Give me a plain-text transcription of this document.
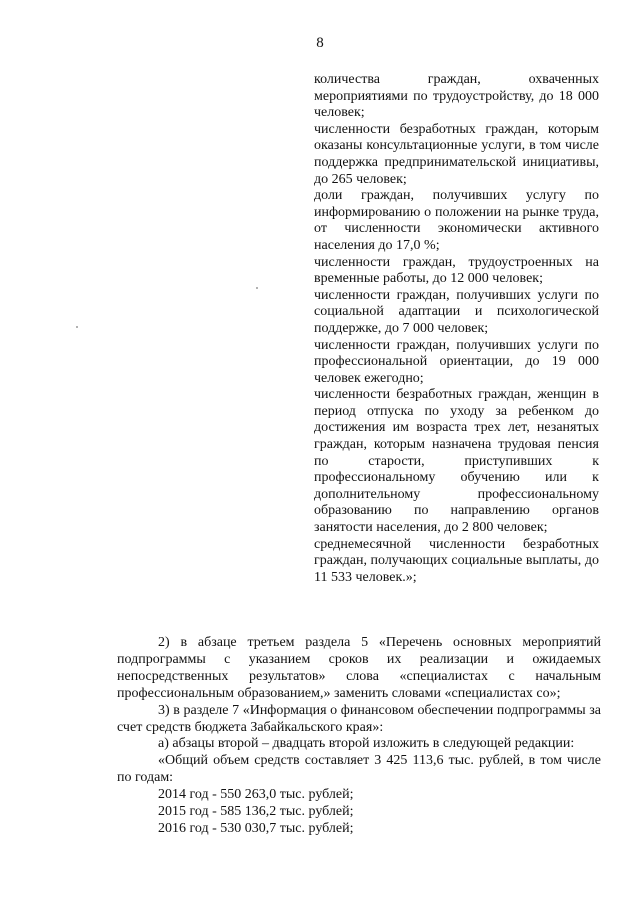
8

количества граждан, охваченных мероприятиями по трудоустройству, до 18 000 человек;

численности безработных граждан, которым оказаны консультационные услуги, в том числе поддержка предпринимательской инициативы, до 265 человек;

доли граждан, получивших услугу по информированию о положении на рынке труда, от численности экономически активного населения до 17,0 %;

численности граждан, трудоустроенных на временные работы, до 12 000 человек;

численности граждан, получивших услуги по социальной адаптации и психологической поддержке, до 7 000 человек;

численности граждан, получивших услуги по профессиональной ориентации, до 19 000 человек ежегодно;

численности безработных граждан, женщин в период отпуска по уходу за ребенком до достижения им возраста трех лет, незанятых граждан, которым назначена трудовая пенсия по старости, приступивших к профессиональному обучению или к дополнительному профессиональному образованию по направлению органов занятости населения, до 2 800 человек;

среднемесячной численности безработных граждан, получающих социальные выплаты, до 11 533 человек.»;

2) в абзаце третьем раздела 5 «Перечень основных мероприятий подпрограммы с указанием сроков их реализации и ожидаемых непосредственных результатов» слова «специалистах с начальным профессиональным образованием,» заменить словами «специалистах со»;

3) в разделе 7 «Информация о финансовом обеспечении подпрограммы за счет средств бюджета Забайкальского края»:

а) абзацы второй – двадцать второй изложить в следующей редакции:

«Общий объем средств составляет 3 425 113,6 тыс. рублей, в том числе по годам:

2014 год - 550 263,0 тыс. рублей;

2015 год - 585 136,2 тыс. рублей;

2016 год - 530 030,7 тыс. рублей;
